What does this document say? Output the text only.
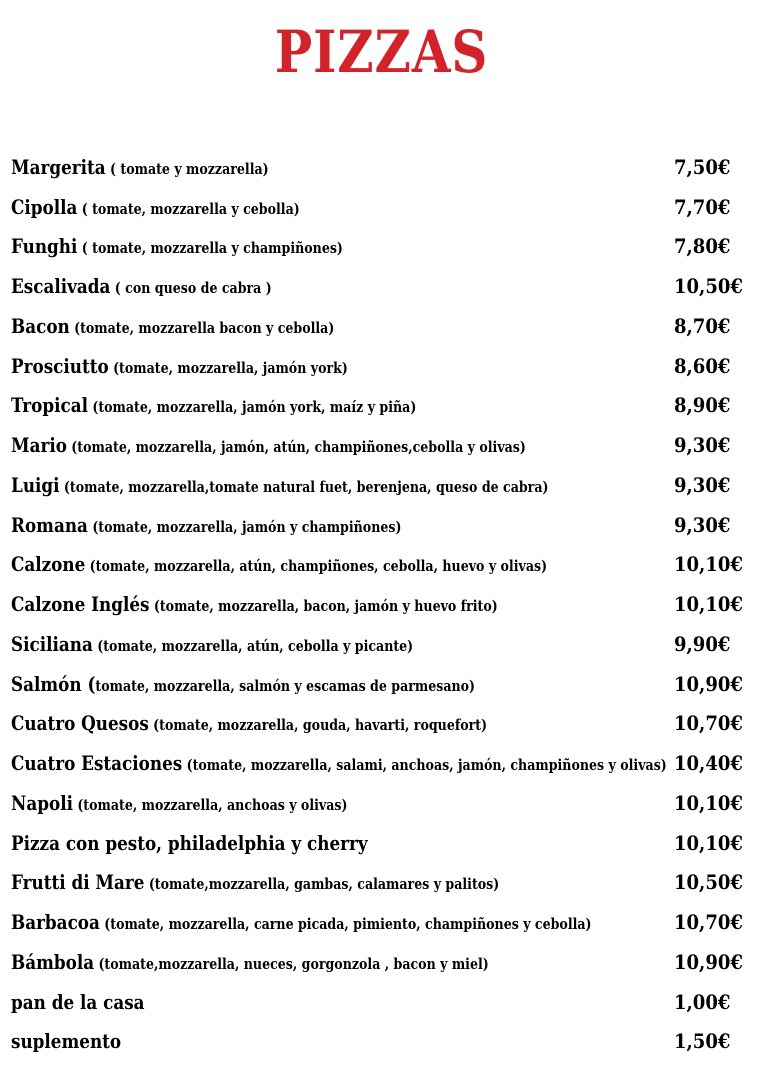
PIZZAS
Margerita ( tomate y mozzarella)	7,50€
Cipolla ( tomate, mozzarella y cebolla)	7,70€
Funghi ( tomate, mozzarella y champiñones)	7,80€
Escalivada ( con queso de cabra )	10,50€
Bacon (tomate, mozzarella bacon y cebolla)	8,70€
Prosciutto (tomate, mozzarella, jamón york)	8,60€
Tropical (tomate, mozzarella, jamón york, maíz y piña)	8,90€
Mario (tomate, mozzarella, jamón, atún, champiñones,cebolla y olivas)	9,30€
Luigi (tomate, mozzarella,tomate natural fuet, berenjena, queso de cabra)	9,30€
Romana (tomate, mozzarella, jamón y champiñones)	9,30€
Calzone (tomate, mozzarella, atún, champiñones, cebolla, huevo y olivas)	10,10€
Calzone Inglés (tomate, mozzarella, bacon, jamón y huevo frito)	10,10€
Siciliana (tomate, mozzarella, atún, cebolla y picante)	9,90€
Salmón (tomate, mozzarella, salmón y escamas de parmesano)	10,90€
Cuatro Quesos (tomate, mozzarella, gouda, havarti, roquefort)	10,70€
Cuatro Estaciones (tomate, mozzarella, salami, anchoas, jamón, champiñones y olivas) 10,40€
Napoli (tomate, mozzarella, anchoas y olivas)	10,10€
Pizza con pesto, philadelphia y cherry	10,10€
Frutti di Mare (tomate,mozzarella, gambas, calamares y palitos)	10,50€
Barbacoa (tomate, mozzarella, carne picada, pimiento, champiñones y cebolla)	10,70€
Bámbola (tomate,mozzarella, nueces, gorgonzola , bacon y miel)	10,90€
pan de la casa	1,00€
suplemento	1,50€
